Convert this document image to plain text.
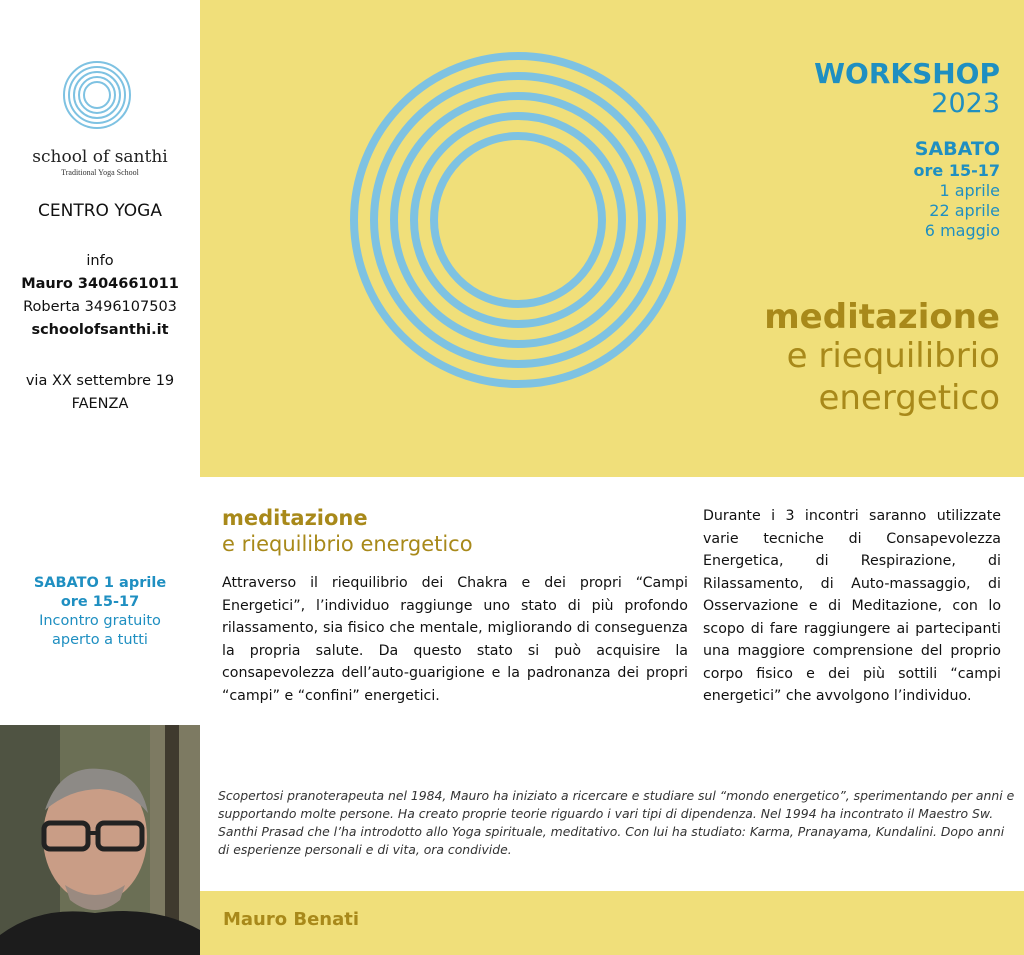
school of santhi
Traditional Yoga School
CENTRO YOGA
info
Mauro 3404661011
Roberta 3496107503
schoolofsanthi.it
via XX settembre 19
FAENZA
SABATO 1 aprile
ore 15-17
Incontro gratuito
aperto a tutti
WORKSHOP
2023
SABATO
ore 15-17
1 aprile
22 aprile
6 maggio
meditazione
e riequilibrio
energetico
meditazione
e riequilibrio energetico
Attraverso il riequilibrio dei Chakra e dei propri “Campi Energetici”, l’individuo raggiunge uno stato di più profondo rilassamento, sia fisico che mentale, migliorando di conseguenza la propria salute. Da questo stato si può acquisire la consapevolezza dell’auto-guarigione e la padronanza dei propri “campi” e “confini” energetici.
Durante i 3 incontri saranno utilizzate varie tecniche di Consapevolezza Energetica, di Respirazione, di Rilassamento, di Auto-massaggio, di Osservazione e di Meditazione, con lo scopo di fare raggiungere ai partecipanti una maggiore comprensione del proprio corpo fisico e dei più sottili “campi energetici” che avvolgono l’individuo.
Scopertosi pranoterapeuta nel 1984, Mauro ha iniziato a ricercare e studiare sul “mondo energetico”, sperimentando per anni e supportando molte persone. Ha creato proprie teorie riguardo i vari tipi di dipendenza. Nel 1994 ha incontrato il Maestro Sw. Santhi Prasad che l’ha introdotto allo Yoga spirituale, meditativo. Con lui ha studiato: Karma, Pranayama, Kundalini. Dopo anni di esperienze personali e di vita, ora condivide.
Mauro Benati
